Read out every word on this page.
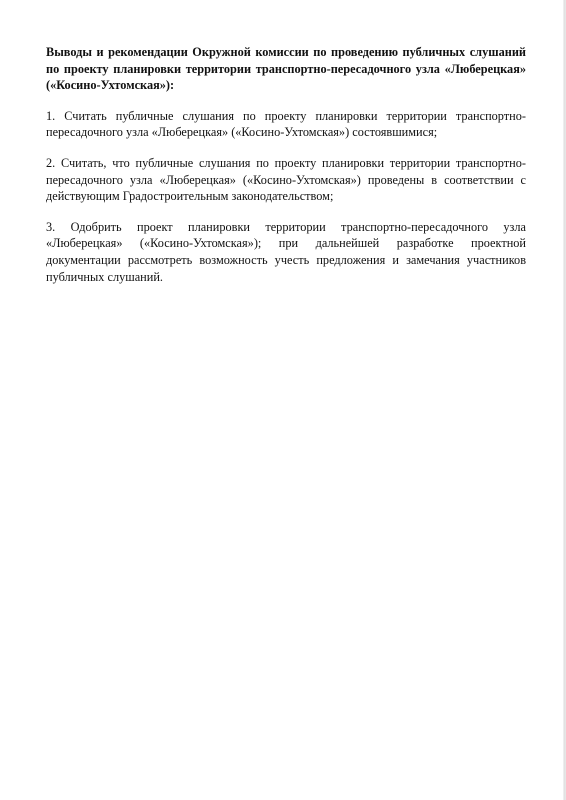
Выводы и рекомендации Окружной комиссии по проведению публичных слушаний по проекту планировки территории транспортно-пересадочного узла «Люберецкая» («Косино-Ухтомская»):

1. Считать публичные слушания по проекту планировки территории транспортно-пересадочного узла «Люберецкая» («Косино-Ухтомская») состоявшимися;

2. Считать, что публичные слушания по проекту планировки территории транспортно-пересадочного узла «Люберецкая» («Косино-Ухтомская») проведены в соответствии с действующим Градостроительным законодательством;

3. Одобрить проект планировки территории транспортно-пересадочного узла «Люберецкая» («Косино-Ухтомская»); при дальнейшей разработке проектной документации рассмотреть возможность учесть предложения и замечания участников публичных слушаний.
